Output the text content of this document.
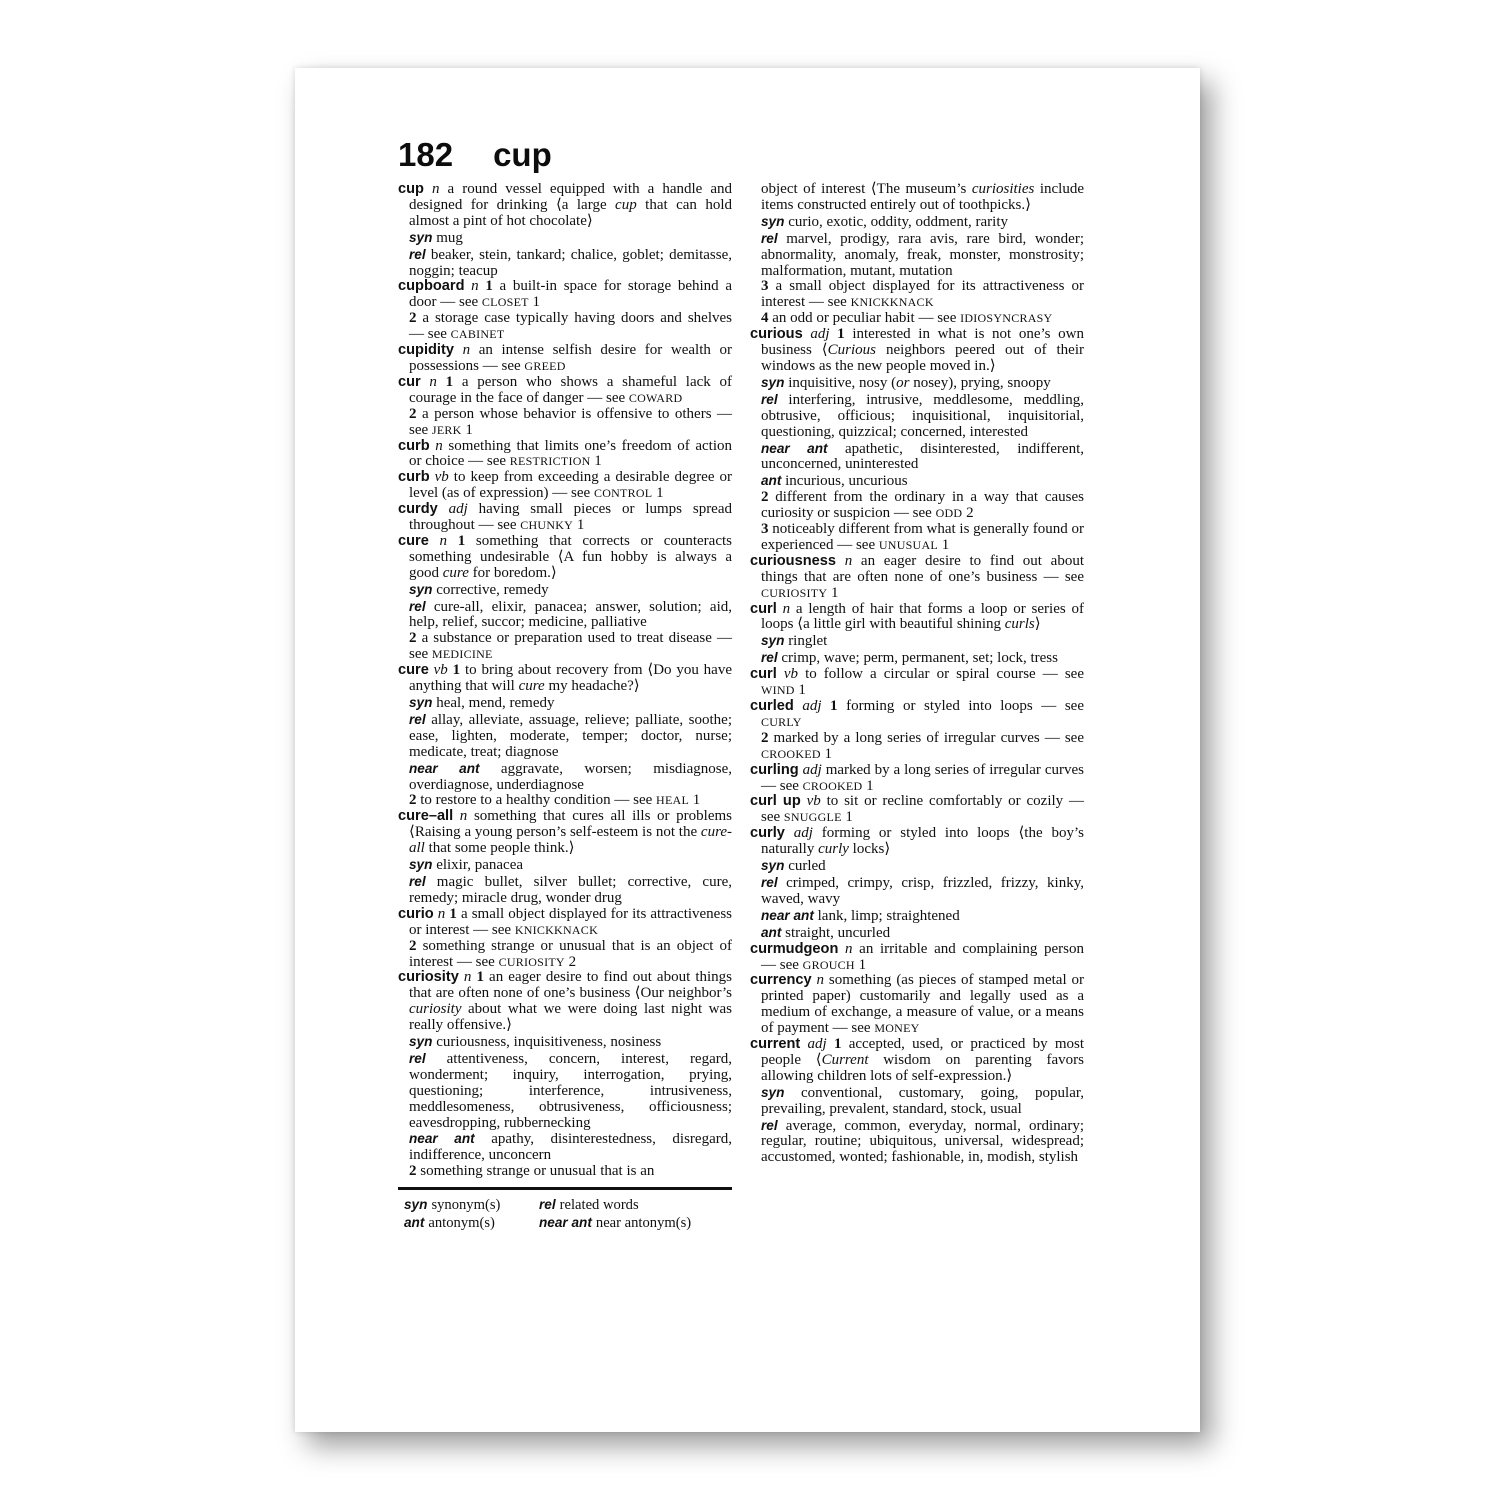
182 cup
cup n a round vessel equipped with a handle and designed for drinking ⟨a large cup that can hold almost a pint of hot chocolate⟩
syn mug
rel beaker, stein, tankard; chalice, goblet; demitasse, noggin; teacup
cupboard n 1 a built-in space for storage behind a door — see CLOSET 1
2 a storage case typically having doors and shelves — see CABINET
cupidity n an intense selfish desire for wealth or possessions — see GREED
cur n 1 a person who shows a shameful lack of courage in the face of danger — see COWARD
2 a person whose behavior is offensive to others — see JERK 1
curb n something that limits one’s freedom of action or choice — see RESTRICTION 1
curb vb to keep from exceeding a desirable degree or level (as of expression) — see CONTROL 1
curdy adj having small pieces or lumps spread throughout — see CHUNKY 1
cure n 1 something that corrects or counteracts something undesirable ⟨A fun hobby is always a good cure for boredom.⟩
syn corrective, remedy
rel cure-all, elixir, panacea; answer, solution; aid, help, relief, succor; medicine, palliative
2 a substance or preparation used to treat disease — see MEDICINE
cure vb 1 to bring about recovery from ⟨Do you have anything that will cure my headache?⟩
syn heal, mend, remedy
rel allay, alleviate, assuage, relieve; palliate, soothe; ease, lighten, moderate, temper; doctor, nurse; medicate, treat; diagnose
near ant aggravate, worsen; misdiagnose, overdiagnose, underdiagnose
2 to restore to a healthy condition — see HEAL 1
cure–all n something that cures all ills or problems ⟨Raising a young person’s self-esteem is not the cure-all that some people think.⟩
syn elixir, panacea
rel magic bullet, silver bullet; corrective, cure, remedy; miracle drug, wonder drug
curio n 1 a small object displayed for its attractiveness or interest — see KNICKKNACK
2 something strange or unusual that is an object of interest — see CURIOSITY 2
curiosity n 1 an eager desire to find out about things that are often none of one’s business ⟨Our neighbor’s curiosity about what we were doing last night was really offensive.⟩
syn curiousness, inquisitiveness, nosiness
rel attentiveness, concern, interest, regard, wonderment; inquiry, interrogation, prying, questioning; interference, intrusiveness, meddlesomeness, obtrusiveness, officiousness; eavesdropping, rubbernecking
near ant apathy, disinterestedness, disregard, indifference, unconcern
2 something strange or unusual that is an
syn synonym(s)	rel related words
ant antonym(s)	near ant near antonym(s)
object of interest ⟨The museum’s curiosities include items constructed entirely out of toothpicks.⟩
syn curio, exotic, oddity, oddment, rarity
rel marvel, prodigy, rara avis, rare bird, wonder; abnormality, anomaly, freak, monster, monstrosity; malformation, mutant, mutation
3 a small object displayed for its attractiveness or interest — see KNICKKNACK
4 an odd or peculiar habit — see IDIOSYNCRASY
curious adj 1 interested in what is not one’s own business ⟨Curious neighbors peered out of their windows as the new people moved in.⟩
syn inquisitive, nosy (or nosey), prying, snoopy
rel interfering, intrusive, meddlesome, meddling, obtrusive, officious; inquisitional, inquisitorial, questioning, quizzical; concerned, interested
near ant apathetic, disinterested, indifferent, unconcerned, uninterested
ant incurious, uncurious
2 different from the ordinary in a way that causes curiosity or suspicion — see ODD 2
3 noticeably different from what is generally found or experienced — see UNUSUAL 1
curiousness n an eager desire to find out about things that are often none of one’s business — see CURIOSITY 1
curl n a length of hair that forms a loop or series of loops ⟨a little girl with beautiful shining curls⟩
syn ringlet
rel crimp, wave; perm, permanent, set; lock, tress
curl vb to follow a circular or spiral course — see WIND 1
curled adj 1 forming or styled into loops — see CURLY
2 marked by a long series of irregular curves — see CROOKED 1
curling adj marked by a long series of irregular curves — see CROOKED 1
curl up vb to sit or recline comfortably or cozily — see SNUGGLE 1
curly adj forming or styled into loops ⟨the boy’s naturally curly locks⟩
syn curled
rel crimped, crimpy, crisp, frizzled, frizzy, kinky, waved, wavy
near ant lank, limp; straightened
ant straight, uncurled
curmudgeon n an irritable and complaining person — see GROUCH 1
currency n something (as pieces of stamped metal or printed paper) customarily and legally used as a medium of exchange, a measure of value, or a means of payment — see MONEY
current adj 1 accepted, used, or practiced by most people ⟨Current wisdom on parenting favors allowing children lots of self-expression.⟩
syn conventional, customary, going, popular, prevailing, prevalent, standard, stock, usual
rel average, common, everyday, normal, ordinary; regular, routine; ubiquitous, universal, widespread; accustomed, wonted; fashionable, in, modish, stylish
